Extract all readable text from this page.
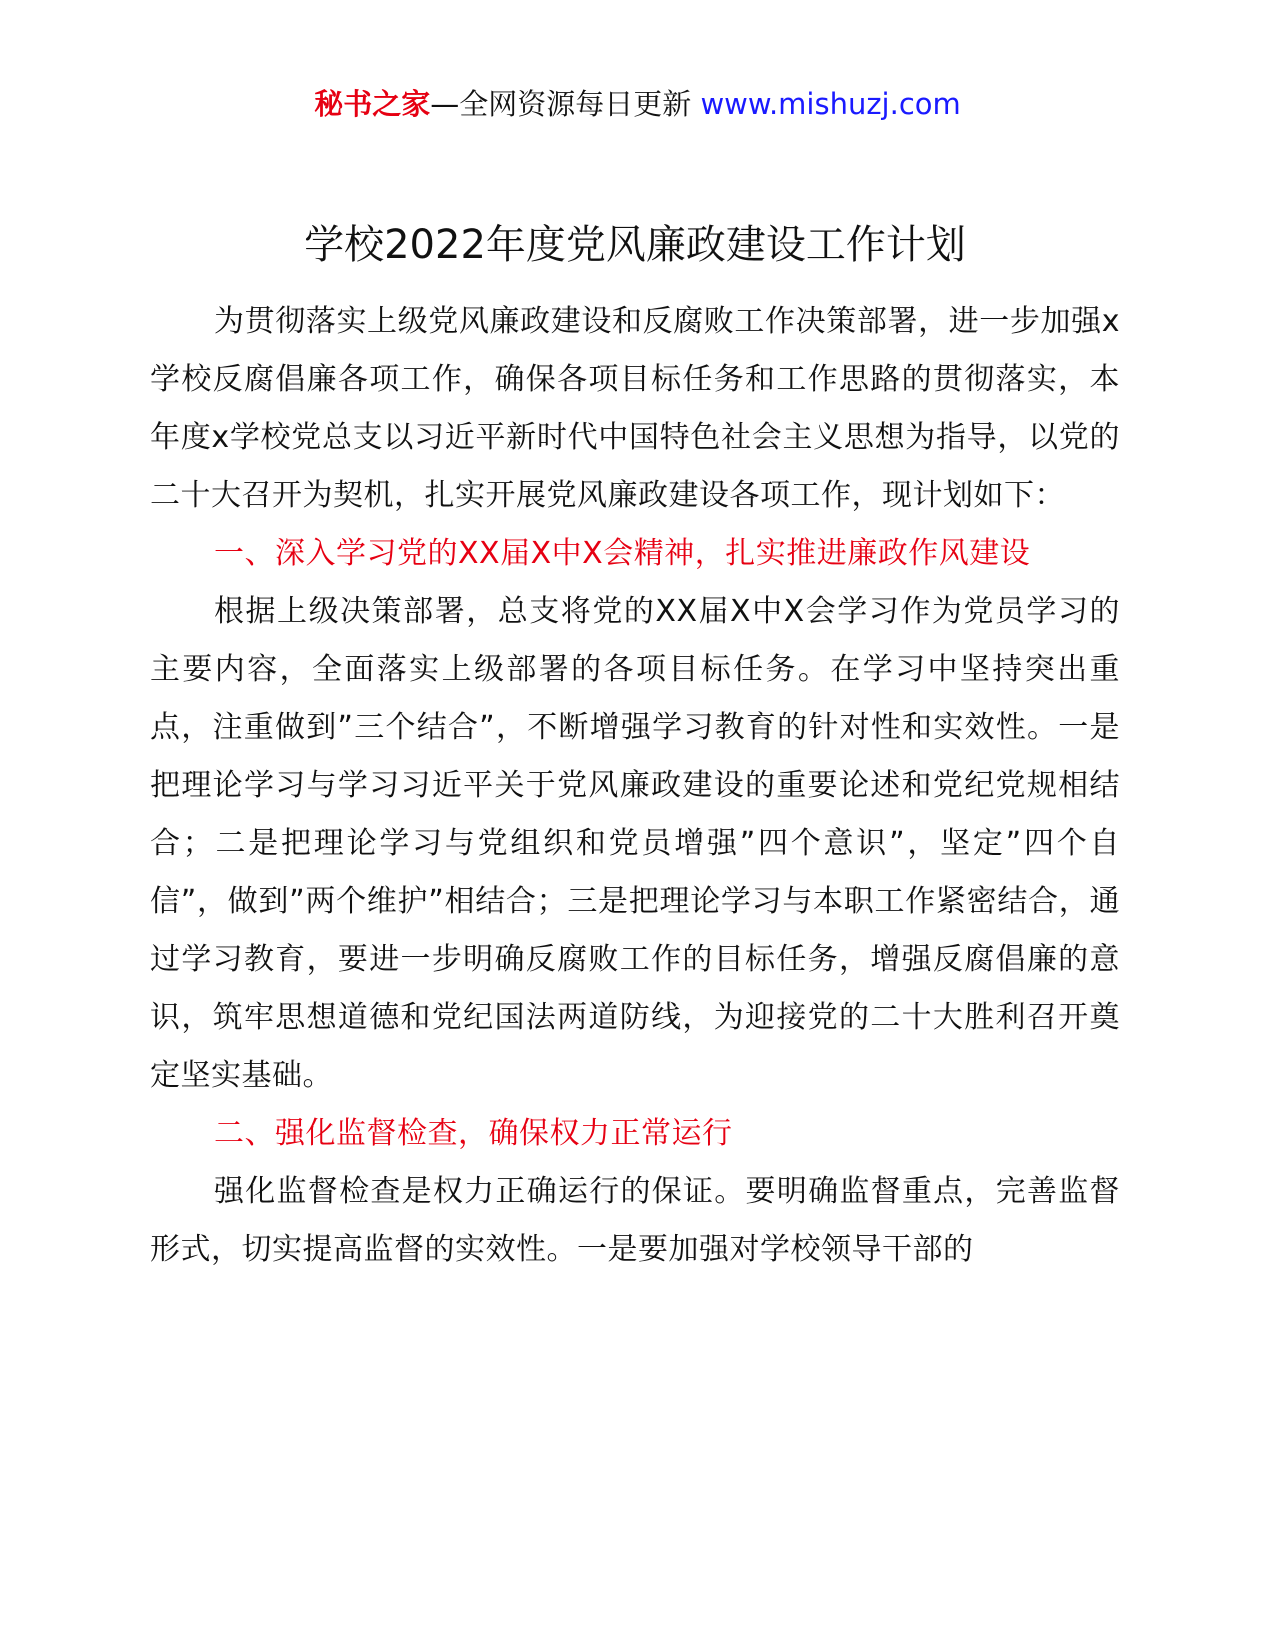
秘书之家—全网资源每日更新 www.mishuzj.com
学校2022年度党风廉政建设工作计划

为贯彻落实上级党风廉政建设和反腐败工作决策部署，进一步加强x学校反腐倡廉各项工作，确保各项目标任务和工作思路的贯彻落实，本年度x学校党总支以习近平新时代中国特色社会主义思想为指导，以党的二十大召开为契机，扎实开展党风廉政建设各项工作，现计划如下：

一、深入学习党的XX届X中X会精神，扎实推进廉政作风建设

根据上级决策部署，总支将党的XX届X中X会学习作为党员学习的主要内容，全面落实上级部署的各项目标任务。在学习中坚持突出重点，注重做到”三个结合”，不断增强学习教育的针对性和实效性。一是把理论学习与学习习近平关于党风廉政建设的重要论述和党纪党规相结合；二是把理论学习与党组织和党员增强”四个意识”，坚定”四个自信”，做到”两个维护”相结合；三是把理论学习与本职工作紧密结合，通过学习教育，要进一步明确反腐败工作的目标任务，增强反腐倡廉的意识，筑牢思想道德和党纪国法两道防线，为迎接党的二十大胜利召开奠定坚实基础。

二、强化监督检查，确保权力正常运行

强化监督检查是权力正确运行的保证。要明确监督重点，完善监督形式，切实提高监督的实效性。一是要加强对学校领导干部的
